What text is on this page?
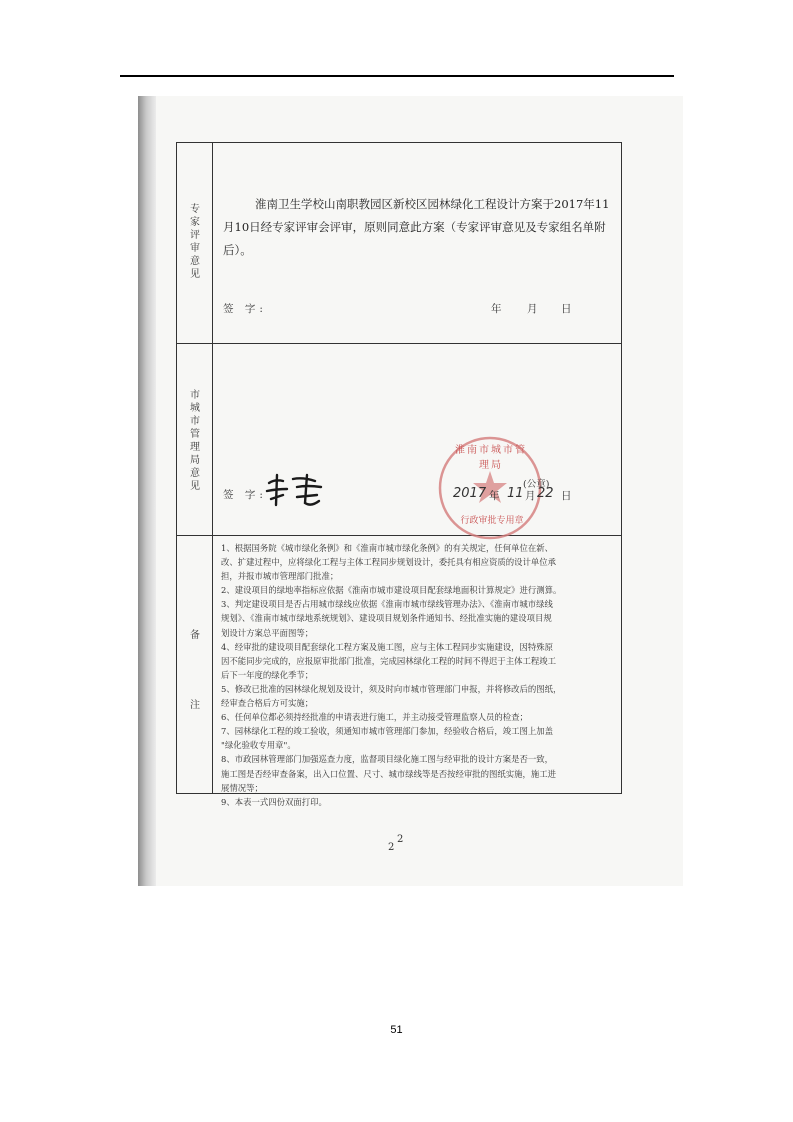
专
家
评
审
意
见
淮南卫生学校山南职教园区新校区园林绿化工程设计方案于2017年11月10日经专家评审会评审，原则同意此方案（专家评审意见及专家组名单附后）。
签 字:	年 月 日
市
城
市
管
理
局
意
见
签 字:
淮南市城市管理局
行政审批专用章
(公章)
2017 年 11 月 22 日
备
注
1、根据国务院《城市绿化条例》和《淮南市城市绿化条例》的有关规定，任何单位在新、
改、扩建过程中，应将绿化工程与主体工程同步规划设计，委托具有相应资质的设计单位承
担，并报市城市管理部门批准；
2、建设项目的绿地率指标应依据《淮南市城市建设项目配套绿地面积计算规定》进行测算。
3、判定建设项目是否占用城市绿线应依据《淮南市城市绿线管理办法》、《淮南市城市绿线
规划》、《淮南市城市绿地系统规划》、建设项目规划条件通知书、经批准实施的建设项目规
划设计方案总平面图等；
4、经审批的建设项目配套绿化工程方案及施工图，应与主体工程同步实施建设，因特殊原
因不能同步完成的，应报原审批部门批准，完成园林绿化工程的时间不得迟于主体工程竣工
后下一年度的绿化季节；
5、修改已批准的园林绿化规划及设计，须及时向市城市管理部门申报，并将修改后的图纸，
经审查合格后方可实施；
6、任何单位都必须持经批准的申请表进行施工，并主动接受管理监察人员的检查；
7、园林绿化工程的竣工验收，须通知市城市管理部门参加，经验收合格后，竣工图上加盖
"绿化验收专用章"。
8、市政园林管理部门加强巡查力度，监督项目绿化施工图与经审批的设计方案是否一致，
施工图是否经审查备案，出入口位置、尺寸、城市绿线等是否按经审批的图纸实施，施工进
展情况等；
9、本表一式四份双面打印。
2
2
51
